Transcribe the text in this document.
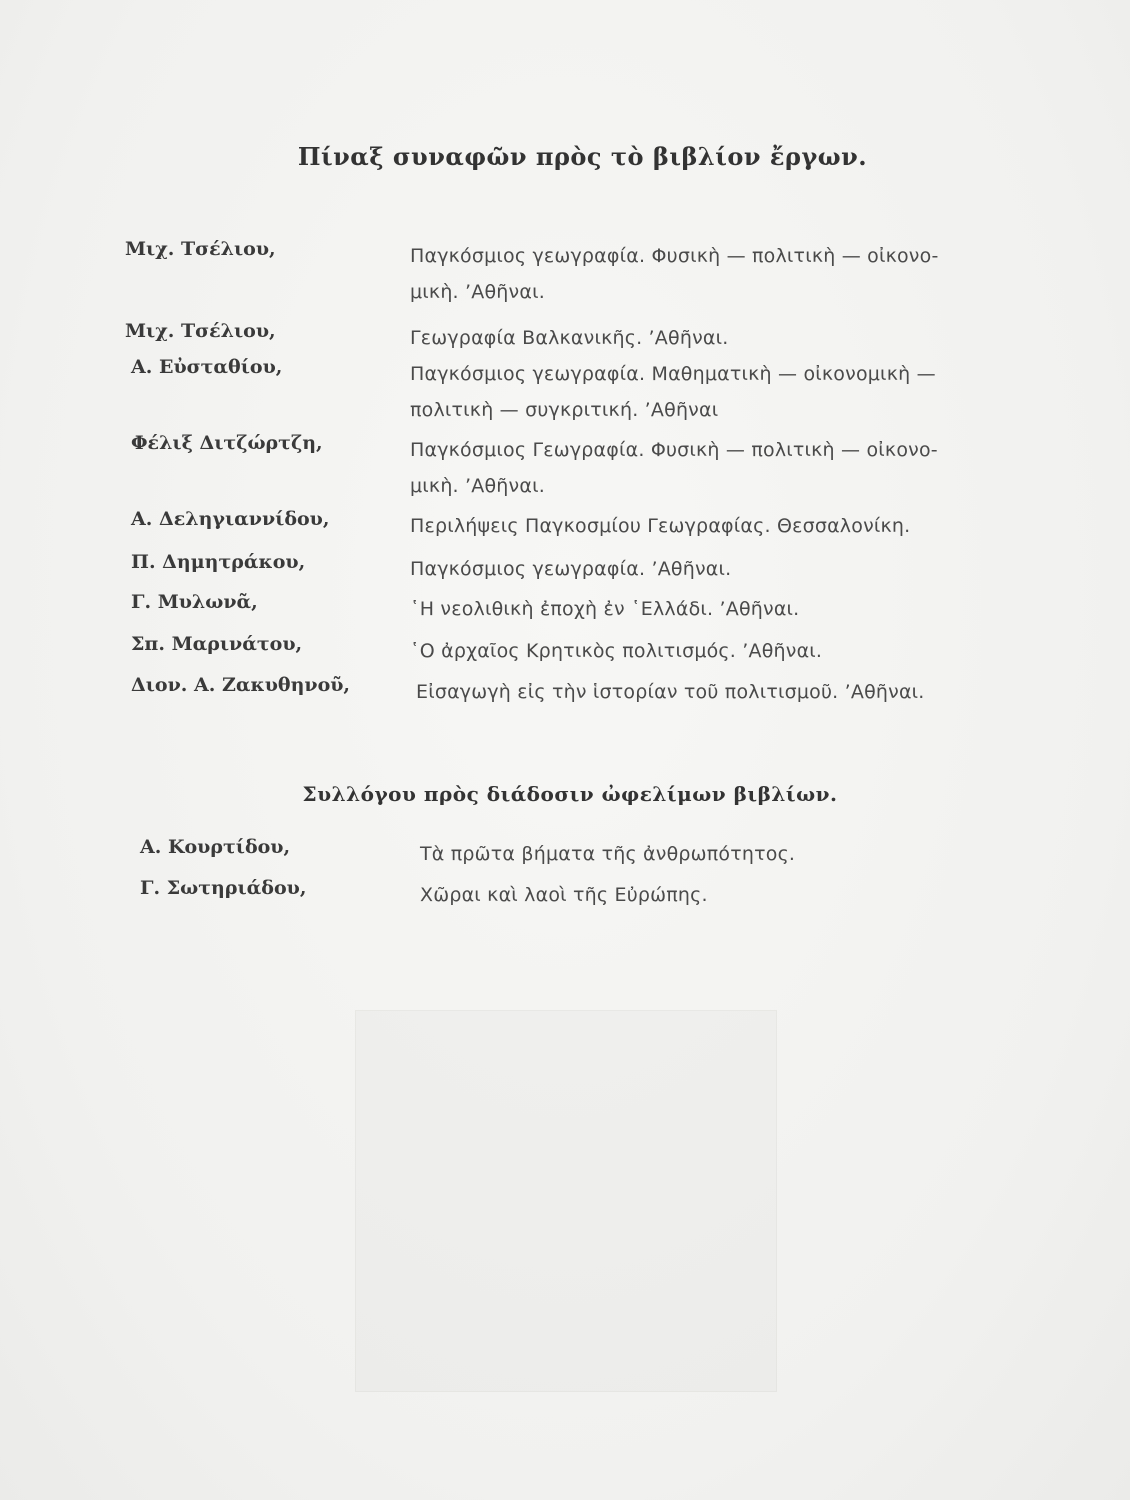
Πίναξ συναφῶν πρὸς τὸ βιβλίον ἔργων.
Μιχ. Τσέλιου,	Παγκόσμιος γεωγραφία. Φυσικὴ — πολιτικὴ — οἰκονο-
μικὴ. ’Αθῆναι.
Μιχ. Τσέλιου,	Γεωγραφία Βαλκανικῆς. ’Αθῆναι.
Α. Εὐσταθίου,	Παγκόσμιος γεωγραφία. Μαθηματικὴ — οἰκονομικὴ —
πολιτικὴ — συγκριτική. ’Αθῆναι
Φέλιξ Διτζώρτζη,	Παγκόσμιος Γεωγραφία. Φυσικὴ — πολιτικὴ — οἰκονο-
μικὴ. ’Αθῆναι.
Α. Δεληγιαννίδου,	Περιλήψεις Παγκοσμίου Γεωγραφίας. Θεσσαλονίκη.
Π. Δημητράκου,	Παγκόσμιος γεωγραφία. ’Αθῆναι.
Γ. Μυλωνᾶ,	῾Η νεολιθικὴ ἐποχὴ ἐν ῾Ελλάδι. ’Αθῆναι.
Σπ. Μαρινάτου,	῾Ο ἀρχαῖος Κρητικὸς πολιτισμός. ’Αθῆναι.
Διον. Α. Ζακυθηνοῦ,	Εἰσαγωγὴ εἰς τὴν ἱστορίαν τοῦ πολιτισμοῦ. ’Αθῆναι.
Συλλόγου πρὸς διάδοσιν ὠφελίμων βιβλίων.
Α. Κουρτίδου,	Τὰ πρῶτα βήματα τῆς ἀνθρωπότητος.
Γ. Σωτηριάδου,	Χῶραι καὶ λαοὶ τῆς Εὐρώπης.
